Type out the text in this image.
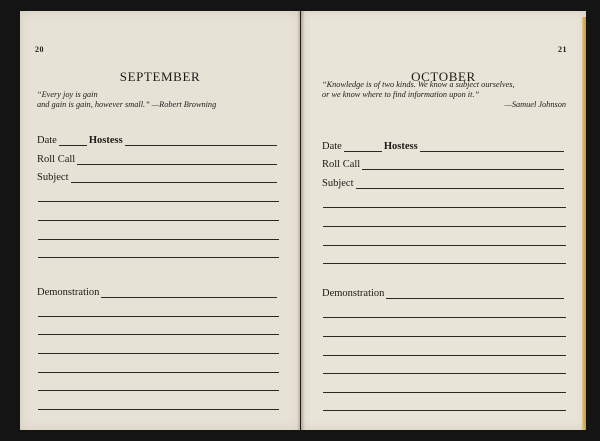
20
SEPTEMBER
“Every joy is gain
and gain is gain, however small.” —Robert Browning
Date	Hostess
Roll Call
Subject
Demonstration
21
OCTOBER
“Knowledge is of two kinds. We know a subject ourselves,
or we know where to find information upon it.”
—Samuel Johnson
Date	Hostess
Roll Call
Subject
Demonstration
